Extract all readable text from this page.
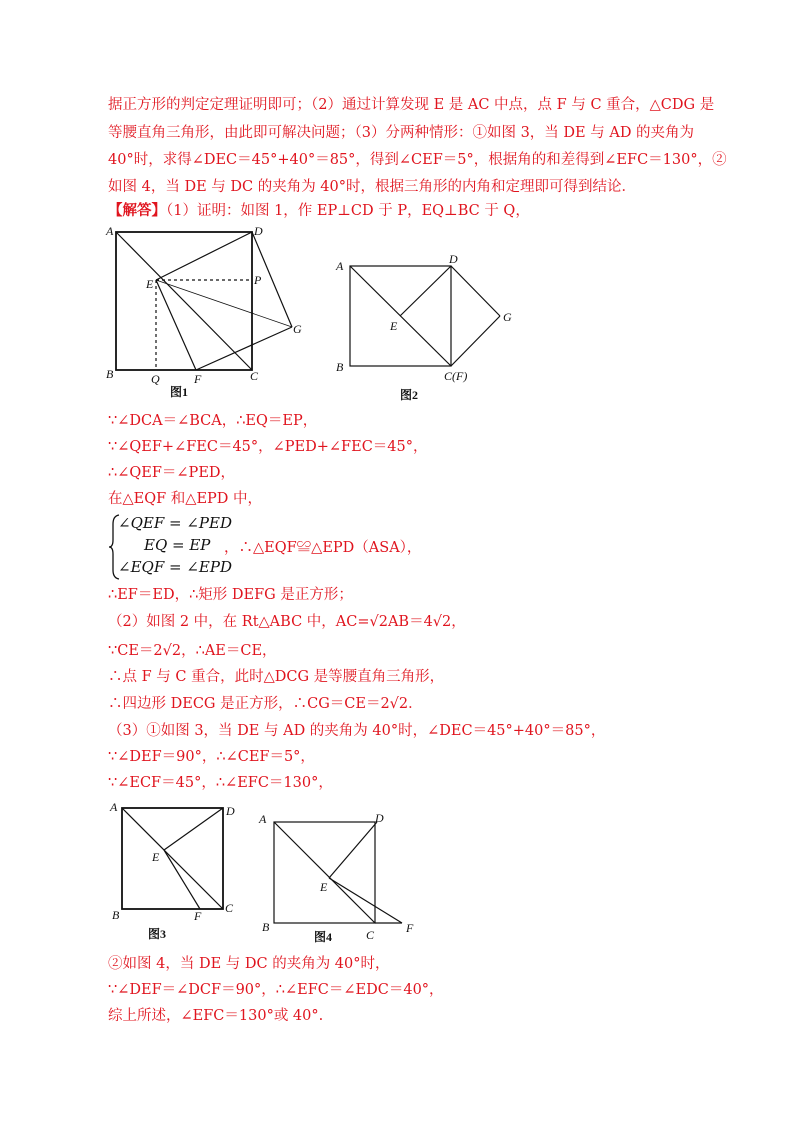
据正方形的判定定理证明即可；（2）通过计算发现 E 是 AC 中点，点 F 与 C 重合，△CDG 是
等腰直角三角形，由此即可解决问题；（3）分两种情形：①如图 3，当 DE 与 AD 的夹角为
40°时，求得∠DEC＝45°+40°＝85°，得到∠CEF＝5°，根据角的和差得到∠EFC＝130°，②
如图 4，当 DE 与 DC 的夹角为 40°时，根据三角形的内角和定理即可得到结论．
【解答】（1）证明：如图 1，作 EP⊥CD 于 P，EQ⊥BC 于 Q，
A	D
E	P
G
B	Q	F	C
图1
A	D
E
G
B
C(F)
图2
∵∠DCA＝∠BCA，∴EQ＝EP，
∵∠QEF+∠FEC＝45°，∠PED+∠FEC＝45°，
∴∠QEF＝∠PED，
在△EQF 和△EPD 中，
∠QEF = ∠PED
EQ = EP
∠EQF = ∠EPD
，∴△EQF≌△EPD（ASA），
∴EF＝ED，∴矩形 DEFG 是正方形；
（2）如图 2 中，在 Rt△ABC 中，AC=√2AB＝4√2，
∵CE＝2√2，∴AE＝CE，
∴点 F 与 C 重合，此时△DCG 是等腰直角三角形，
∴四边形 DECG 是正方形，∴CG＝CE＝2√2．
（3）①如图 3，当 DE 与 AD 的夹角为 40°时，∠DEC＝45°+40°＝85°，
∵∠DEF＝90°，∴∠CEF＝5°，
∵∠ECF＝45°，∴∠EFC＝130°，
A	D
E
B	F
C
图3
A	D
E
B
C	F
图4
②如图 4，当 DE 与 DC 的夹角为 40°时，
∵∠DEF＝∠DCF＝90°，∴∠EFC＝∠EDC＝40°，
综上所述，∠EFC＝130°或 40°.
